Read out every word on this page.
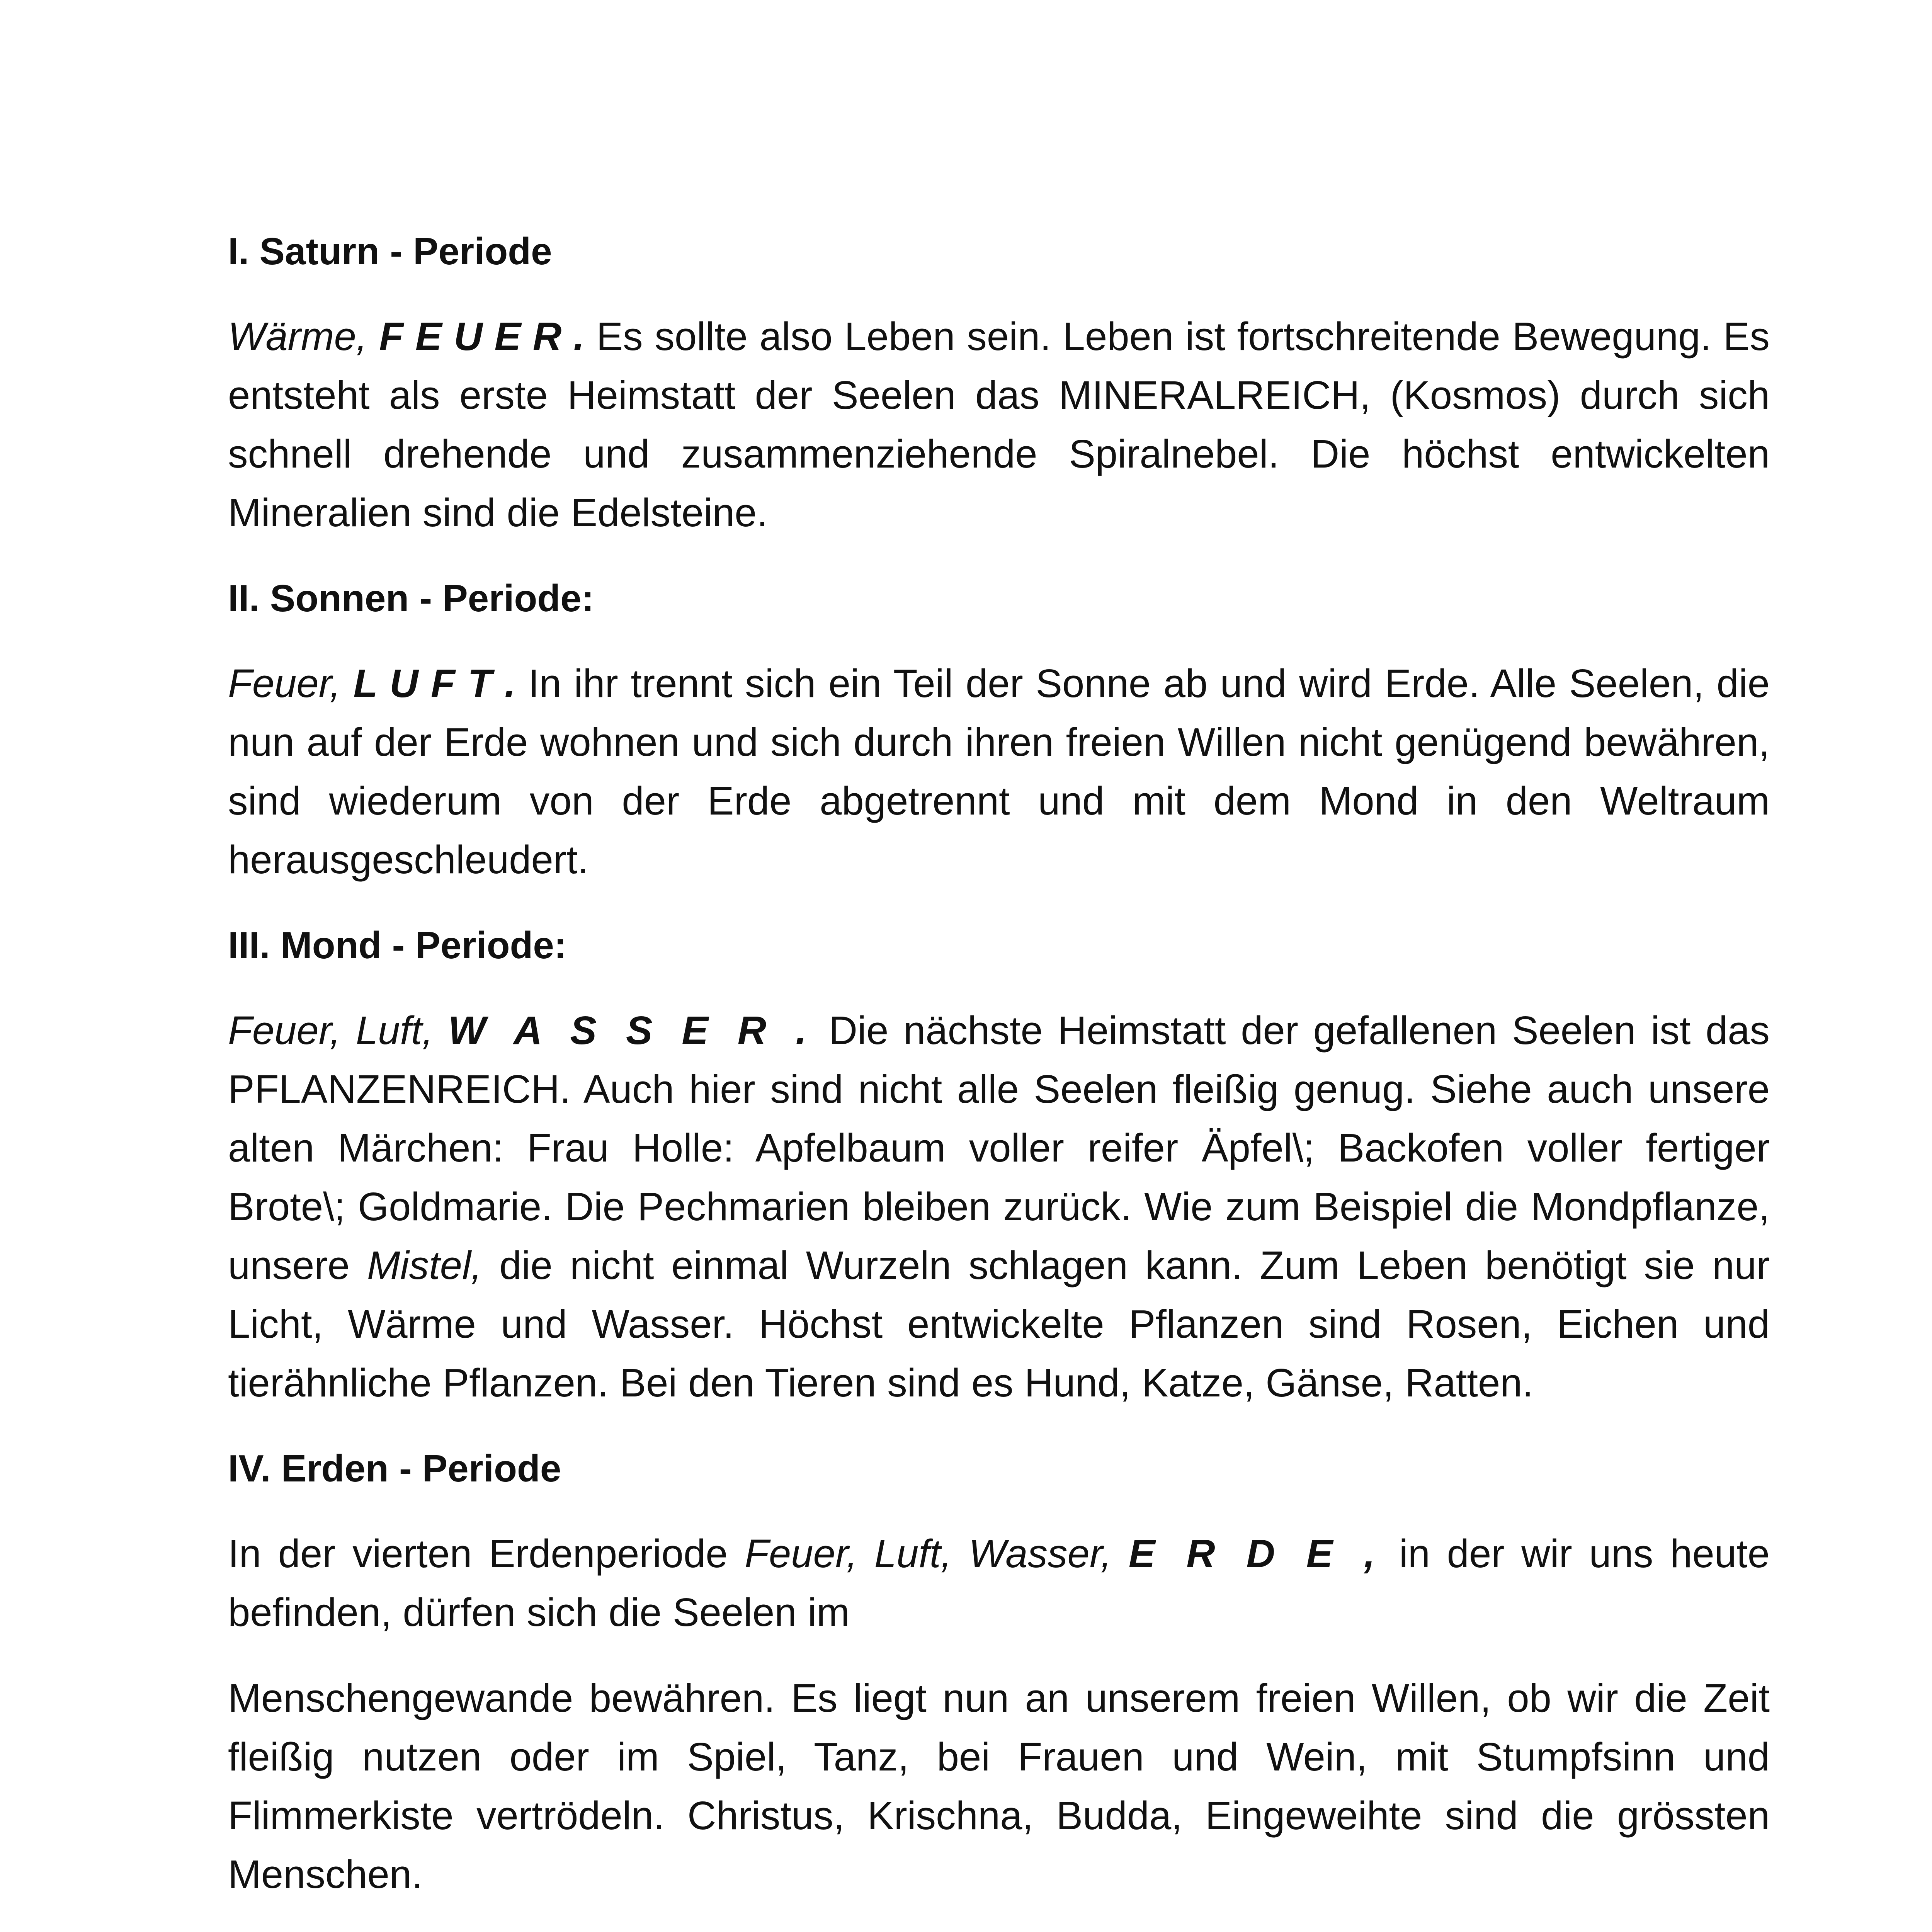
I. Saturn - Periode

Wärme, F E U E R . Es sollte also Leben sein. Leben ist fortschreitende Bewegung. Es entsteht als erste Heimstatt der Seelen das MINERALREICH, (Kosmos) durch sich schnell drehende und zusammenziehende Spiralnebel. Die höchst entwickelten Mineralien sind die Edelsteine.

II. Sonnen - Periode:

Feuer, L U F T . In ihr trennt sich ein Teil der Sonne ab und wird Erde. Alle Seelen, die nun auf der Erde wohnen und sich durch ihren freien Willen nicht genügend bewähren, sind wiederum von der Erde abgetrennt und mit dem Mond in den Weltraum herausgeschleudert.

III. Mond - Periode:

Feuer, Luft, W A S S E R . Die nächste Heimstatt der gefallenen Seelen ist das PFLANZENREICH. Auch hier sind nicht alle Seelen fleißig genug. Siehe auch unsere alten Märchen: Frau Holle: Apfelbaum voller reifer Äpfel\; Backofen voller fertiger Brote\; Goldmarie. Die Pechmarien bleiben zurück. Wie zum Beispiel die Mondpflanze, unsere Mistel, die nicht einmal Wurzeln schlagen kann. Zum Leben benötigt sie nur Licht, Wärme und Wasser. Höchst entwickelte Pflanzen sind Rosen, Eichen und tierähnliche Pflanzen. Bei den Tieren sind es Hund, Katze, Gänse, Ratten.

IV. Erden - Periode

In der vierten Erdenperiode Feuer, Luft, Wasser, E R D E , in der wir uns heute befinden, dürfen sich die Seelen im

Menschengewande bewähren. Es liegt nun an unserem freien Willen, ob wir die Zeit fleißig nutzen oder im Spiel, Tanz, bei Frauen und Wein, mit Stumpfsinn und Flimmerkiste vertrödeln. Christus, Krischna, Budda, Eingeweihte sind die grössten Menschen.
